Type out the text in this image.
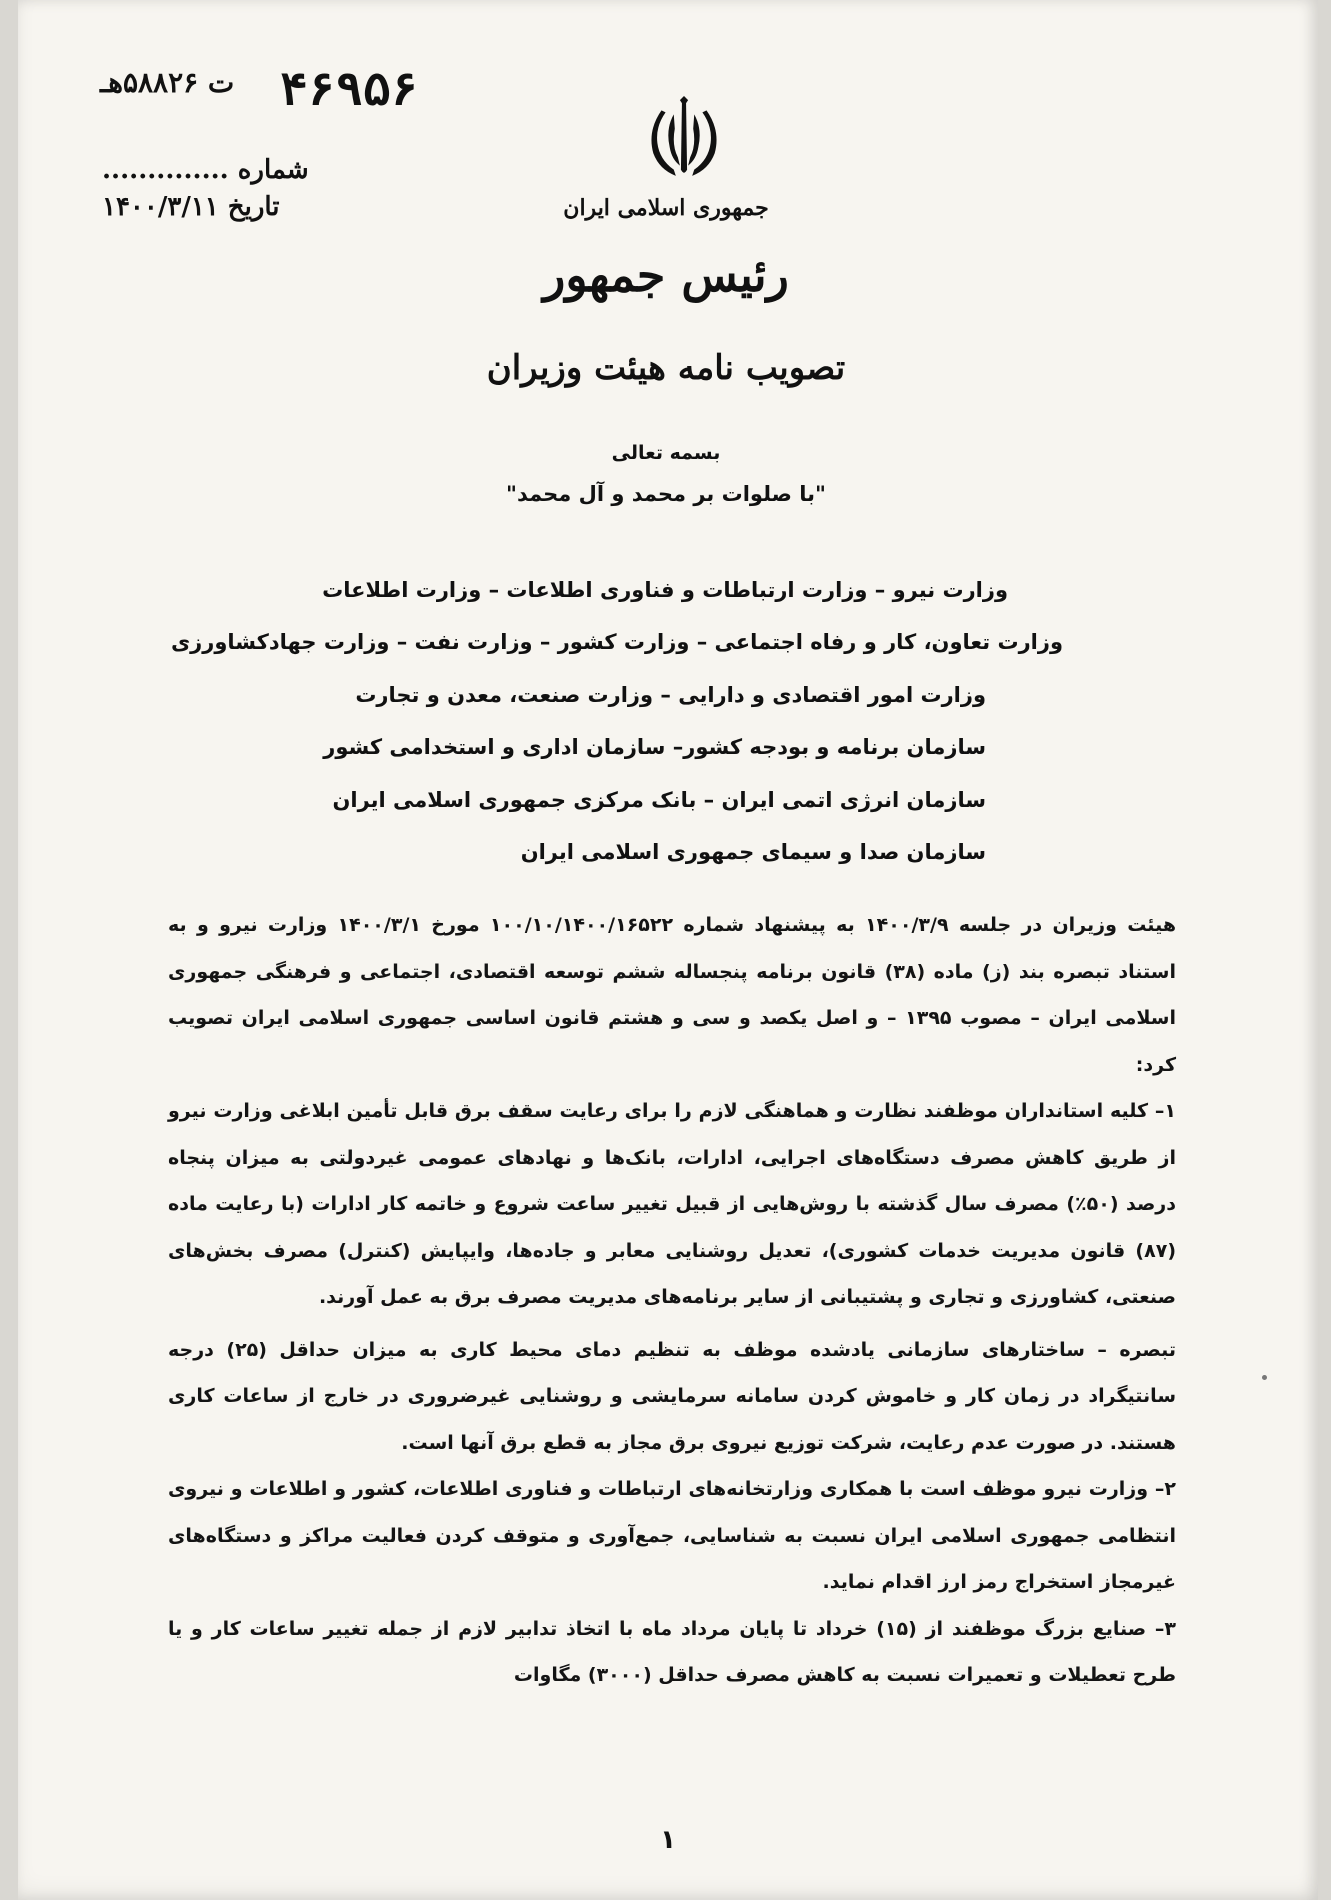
۴۶۹۵۶
ت ۵۸۸۲۶هـ
شماره ..............
تاریخ ۱۴۰۰/۳/۱۱	جمهوری اسلامی ایران
رئیس جمهور
تصویب نامه هیئت وزیران
بسمه تعالی
"با صلوات بر محمد و آل محمد"
وزارت نیرو – وزارت ارتباطات و فناوری اطلاعات – وزارت اطلاعات
وزارت تعاون، کار و رفاه اجتماعی – وزارت کشور – وزارت نفت – وزارت جهادکشاورزی
وزارت امور اقتصادی و دارایی – وزارت صنعت، معدن و تجارت
سازمان برنامه و بودجه کشور– سازمان اداری و استخدامی کشور
سازمان انرژی اتمی ایران – بانک مرکزی جمهوری اسلامی ایران
سازمان صدا و سیمای جمهوری اسلامی ایران

هیئت وزیران در جلسه ۱۴۰۰/۳/۹ به پیشنهاد شماره ۱۰۰/۱۰/۱۴۰۰/۱۶۵۲۲ مورخ ۱۴۰۰/۳/۱ وزارت نیرو و به استناد تبصره بند (ز) ماده (۳۸) قانون برنامه پنجساله ششم توسعه اقتصادی، اجتماعی و فرهنگی جمهوری اسلامی ایران – مصوب ۱۳۹۵ – و اصل یکصد و سی و هشتم قانون اساسی جمهوری اسلامی ایران تصویب کرد:

۱– کلیه استانداران موظفند نظارت و هماهنگی لازم را برای رعایت سقف برق قابل تأمین ابلاغی وزارت نیرو از طریق کاهش مصرف دستگاه‌های اجرایی، ادارات، بانک‌ها و نهادهای عمومی غیردولتی به میزان پنجاه درصد (۵۰٪) مصرف سال گذشته با روش‌هایی از قبیل تغییر ساعت شروع و خاتمه کار ادارات (با رعایت ماده (۸۷) قانون مدیریت خدمات کشوری)، تعدیل روشنایی معابر و جاده‌ها، وایپایش (کنترل) مصرف بخش‌های صنعتی، کشاورزی و تجاری و پشتیبانی از سایر برنامه‌های مدیریت مصرف برق به عمل آورند.

تبصره – ساختارهای سازمانی یادشده موظف به تنظیم دمای محیط کاری به میزان حداقل (۲۵) درجه سانتیگراد در زمان کار و خاموش کردن سامانه سرمایشی و روشنایی غیرضروری در خارج از ساعات کاری هستند. در صورت عدم رعایت، شرکت توزیع نیروی برق مجاز به قطع برق آنها است.

۲– وزارت نیرو موظف است با همکاری وزارتخانه‌های ارتباطات و فناوری اطلاعات، کشور و اطلاعات و نیروی انتظامی جمهوری اسلامی ایران نسبت به شناسایی، جمع‌آوری و متوقف کردن فعالیت مراکز و دستگاه‌های غیرمجاز استخراج رمز ارز اقدام نماید.

۳– صنایع بزرگ موظفند از (۱۵) خرداد تا پایان مرداد ماه با اتخاذ تدابیر لازم از جمله تغییر ساعات کار و یا طرح تعطیلات و تعمیرات نسبت به کاهش مصرف حداقل (۳۰۰۰) مگاوات

۱
